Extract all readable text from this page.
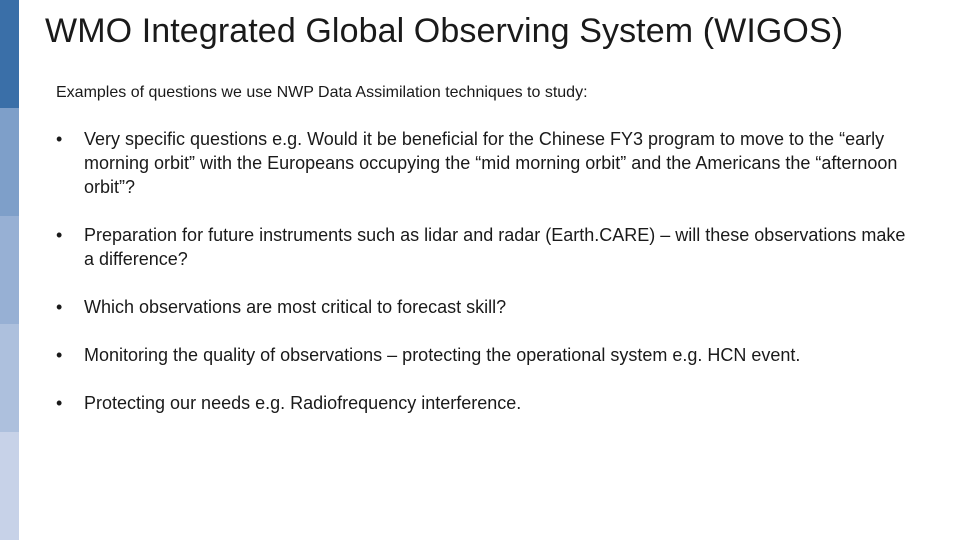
WMO Integrated Global Observing System (WIGOS)

Examples of questions we use NWP Data Assimilation techniques to study:

• Very specific questions e.g. Would it be beneficial for the Chinese FY3 program to move to the “early morning orbit” with the Europeans occupying the “mid morning orbit” and the Americans the “afternoon orbit”?
• Preparation for future instruments such as lidar and radar (Earth.CARE) – will these observations make a difference?
• Which observations are most critical to forecast skill?
• Monitoring the quality of observations – protecting the operational system e.g. HCN event.
• Protecting our needs e.g. Radiofrequency interference.
